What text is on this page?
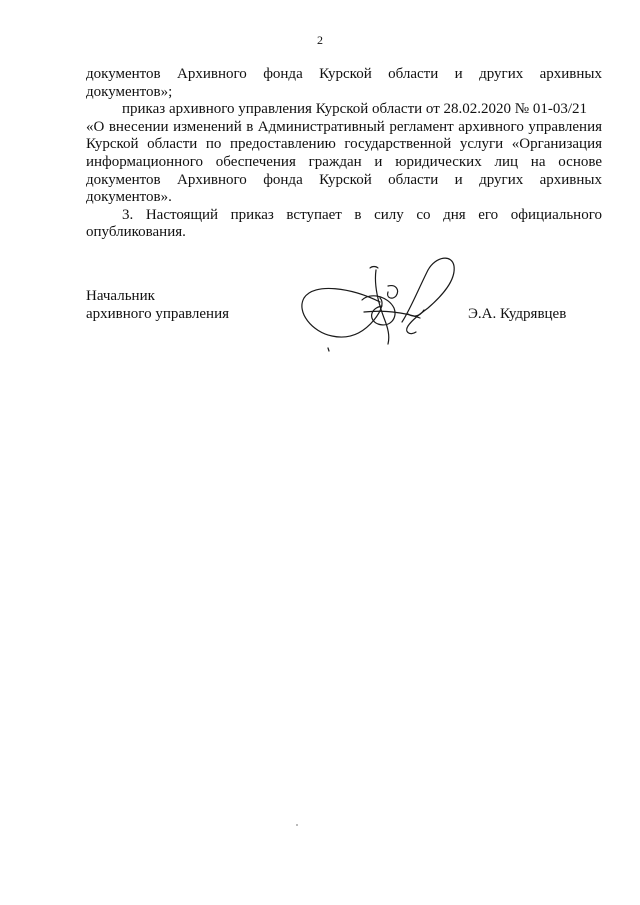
2

документов Архивного фонда Курской области и других архивных документов»;

приказ архивного управления Курской области от 28.02.2020 № 01-03/21

«О внесении изменений в Административный регламент архивного управления Курской области по предоставлению государственной услуги «Организация информационного обеспечения граждан и юридических лиц на основе документов Архивного фонда Курской области и других архивных документов».

3. Настоящий приказ вступает в силу со дня его официального опубликования.

Начальник
архивного управления	Э.А. Кудрявцев
